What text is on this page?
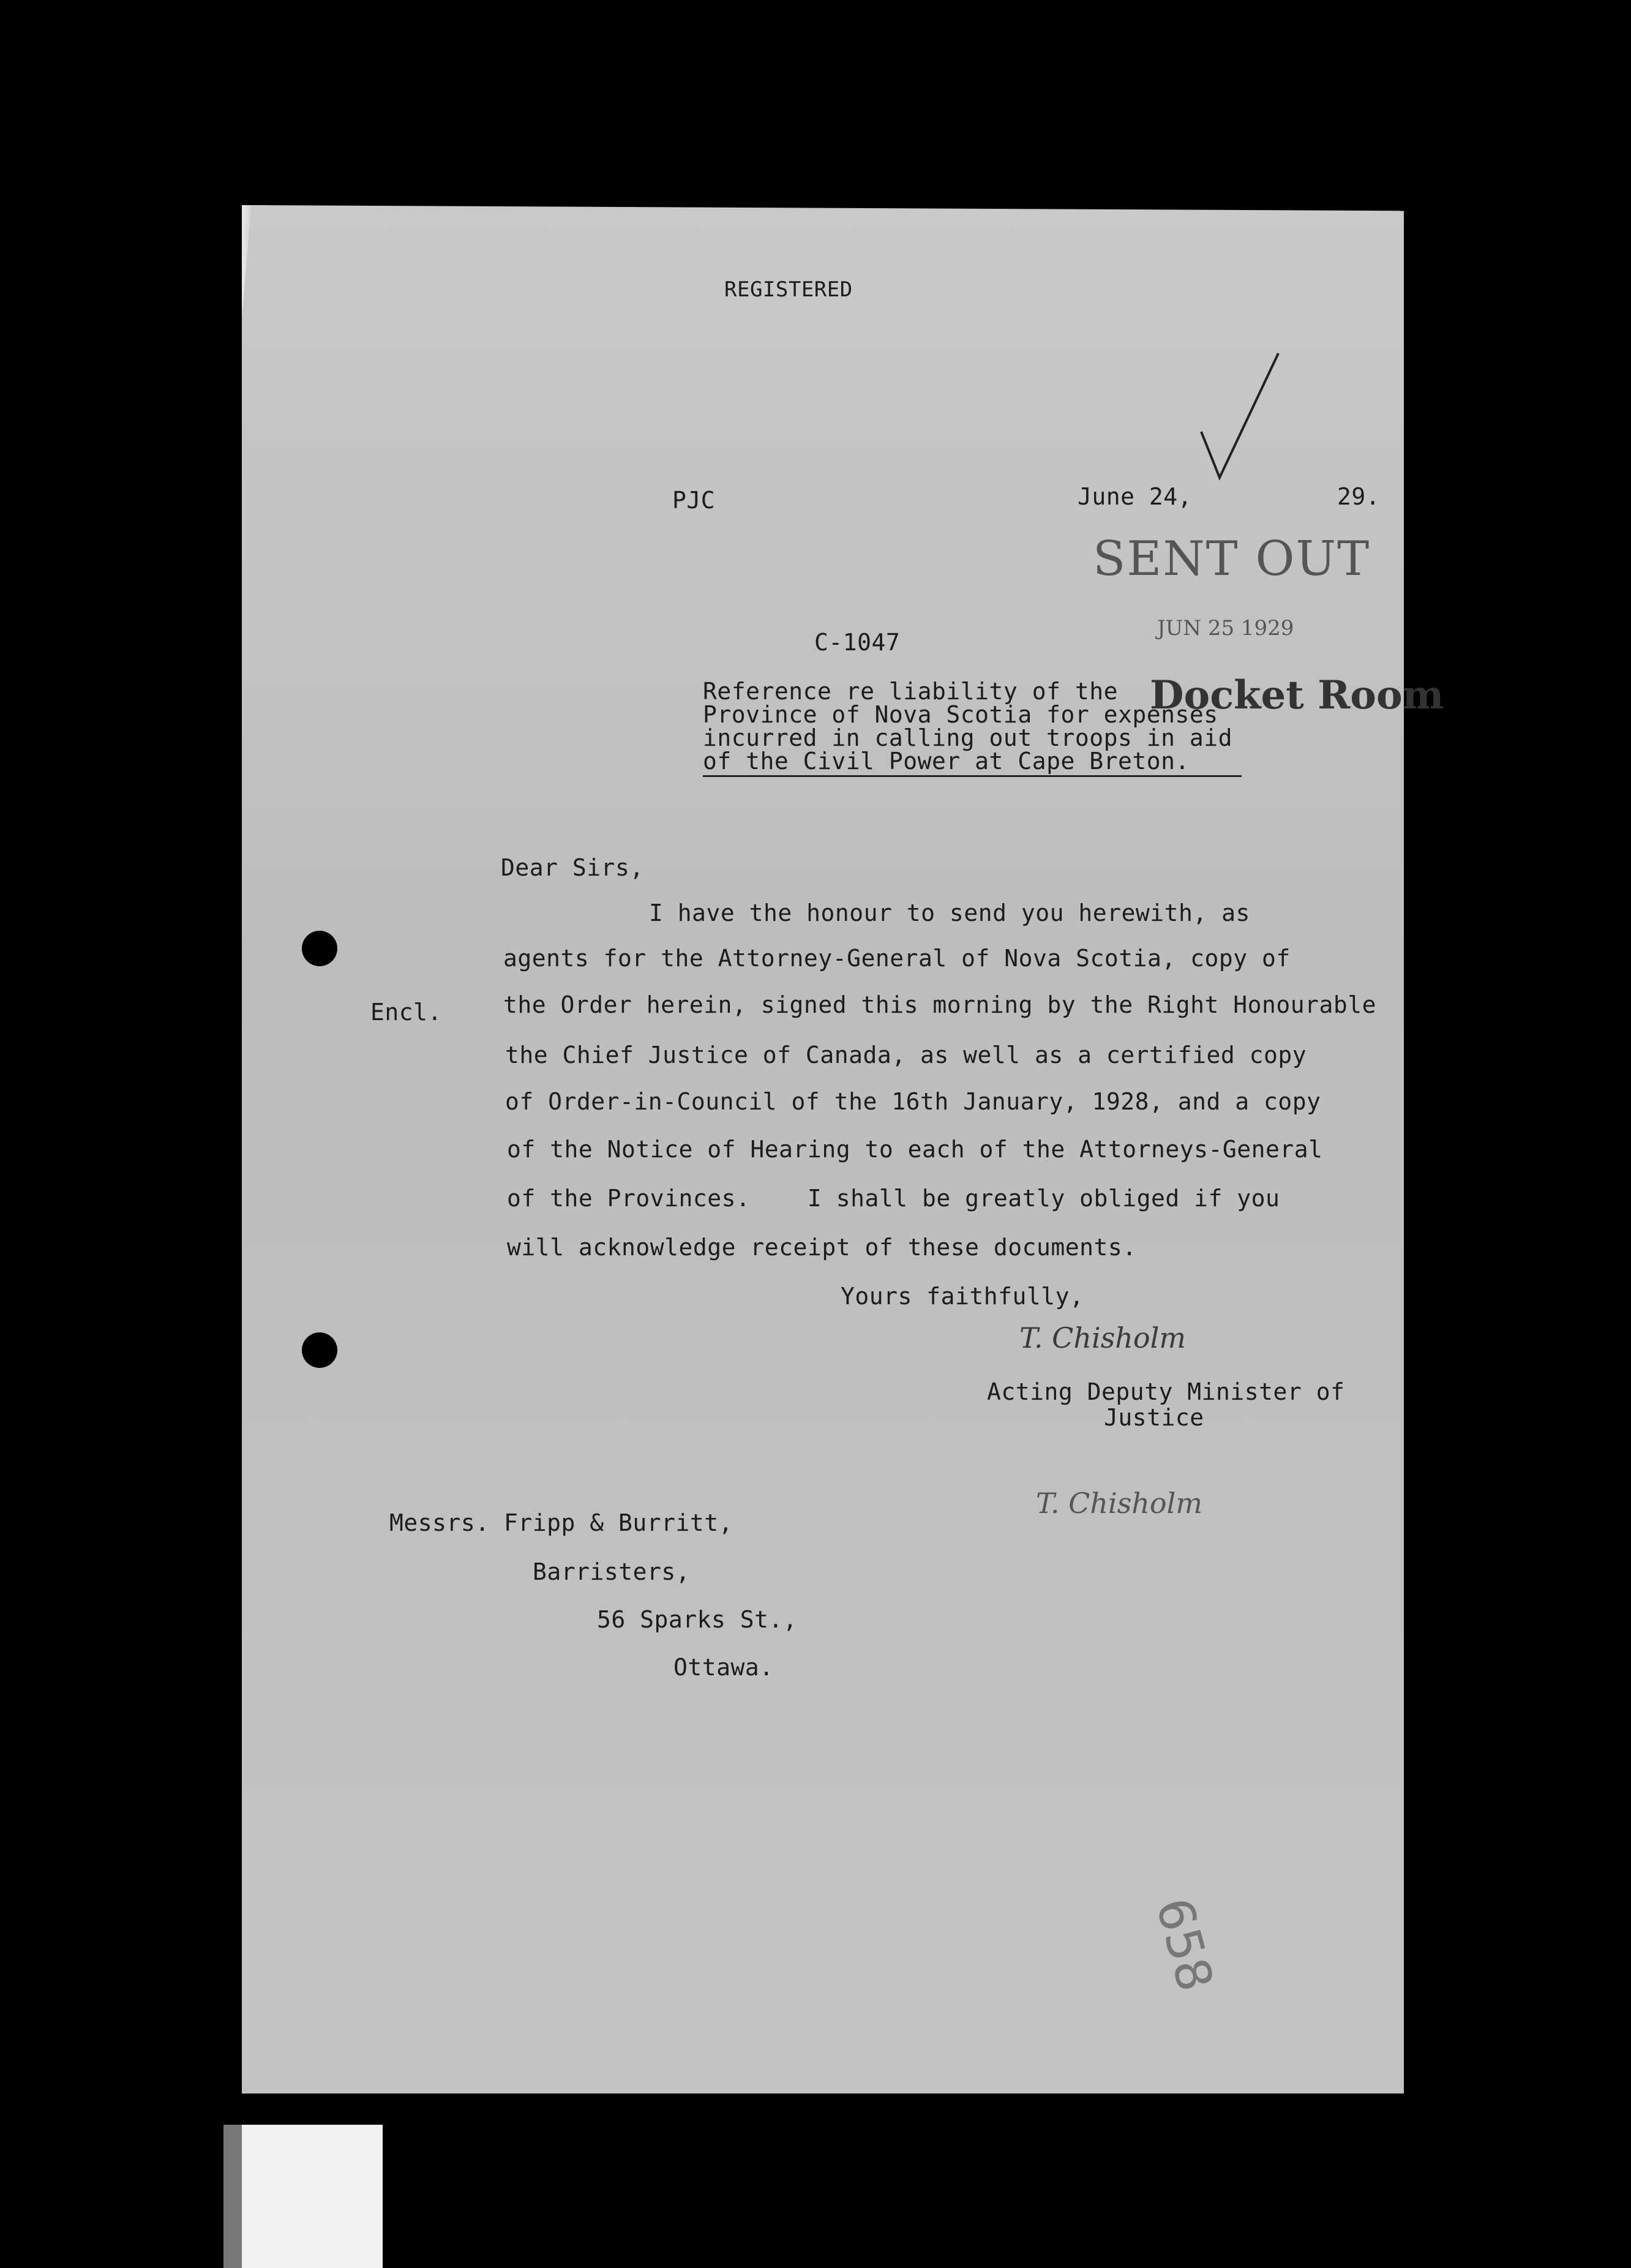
REGISTERED
PJC	June 24,	29.
SENT OUT
JUN 25 1929
C-1047
Reference re liability of the
Province of Nova Scotia for expenses
incurred in calling out troops in aid
of the Civil Power at Cape Breton.
Docket Room
Dear Sirs,
I have the honour to send you herewith, as
agents for the Attorney-General of Nova Scotia, copy of
Encl.	the Order herein, signed this morning by the Right Honourable
the Chief Justice of Canada, as well as a certified copy
of Order-in-Council of the 16th January, 1928, and a copy
of the Notice of Hearing to each of the Attorneys-General
of the Provinces.    I shall be greatly obliged if you
will acknowledge receipt of these documents.
Yours faithfully,
T. Chisholm
Acting Deputy Minister of
Justice
T. Chisholm
Messrs. Fripp & Burritt,
Barristers,
56 Sparks St.,
Ottawa.
658
